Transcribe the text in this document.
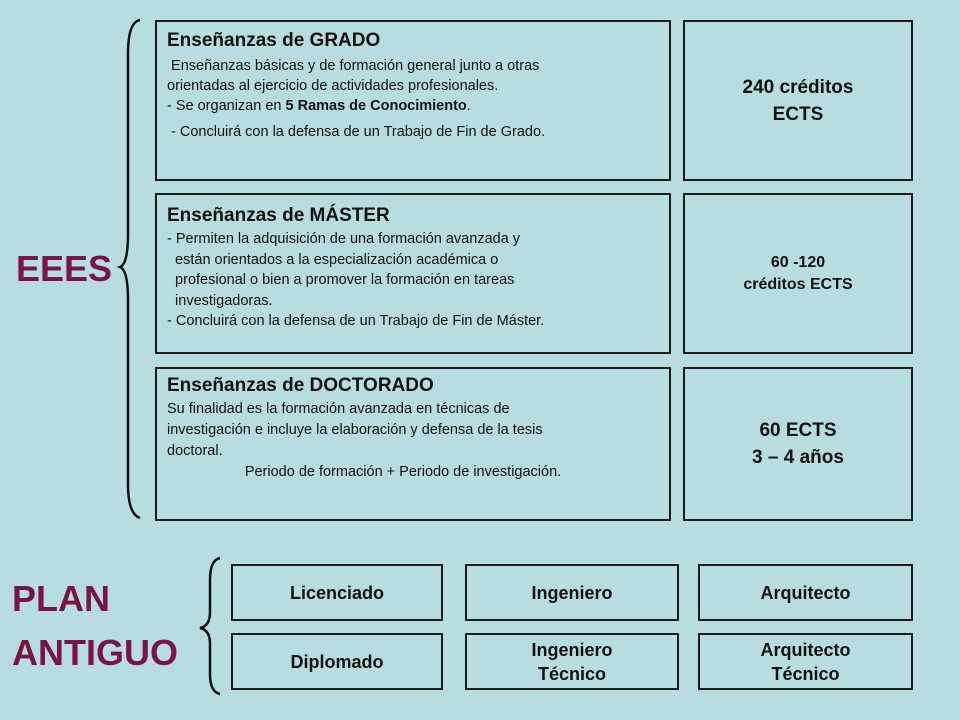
EEES
Enseñanzas de GRADO
Enseñanzas básicas y de formación general junto a otras
orientadas al ejercicio de actividades profesionales.
- Se organizan en 5 Ramas de Conocimiento.
- Concluirá con la defensa de un Trabajo de Fin de Grado.
240 créditos
ECTS
Enseñanzas de MÁSTER
- Permiten la adquisición de una formación avanzada y
están orientados a la especialización académica o
profesional o bien a promover la formación en tareas
investigadoras.
- Concluirá con la defensa de un Trabajo de Fin de Máster.
60 -120
créditos ECTS
Enseñanzas de DOCTORADO
Su finalidad es la formación avanzada en técnicas de
investigación e incluye la elaboración y defensa de la tesis
doctoral.
Periodo de formación + Periodo de investigación.
60 ECTS
3 – 4 años
PLAN
ANTIGUO
Licenciado	Ingeniero	Arquitecto
Diplomado
Ingeniero
Técnico
Arquitecto
Técnico
